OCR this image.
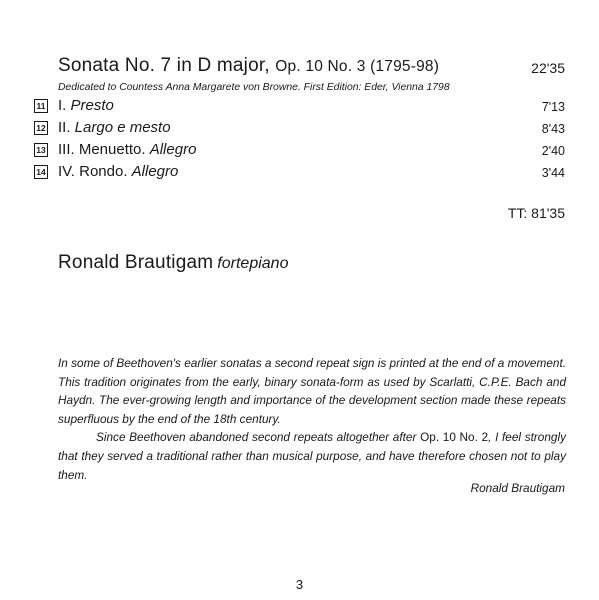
Sonata No. 7 in D major, Op. 10 No. 3 (1795-98)	22'35
Dedicated to Countess Anna Margarete von Browne. First Edition: Eder, Vienna 1798
11 I. Presto	7'13
12 II. Largo e mesto	8'43
13 III. Menuetto. Allegro	2'40
14 IV. Rondo. Allegro	3'44
TT: 81'35
Ronald Brautigam fortepiano

In some of Beethoven's earlier sonatas a second repeat sign is printed at the end of a movement. This tradition originates from the early, binary sonata-form as used by Scarlatti, C.P.E. Bach and Haydn. The ever-growing length and importance of the development section made these repeats superfluous by the end of the 18th century.

Since Beethoven abandoned second repeats altogether after Op. 10 No. 2, I feel strongly that they served a traditional rather than musical purpose, and have therefore chosen not to play them.

Ronald Brautigam
3
